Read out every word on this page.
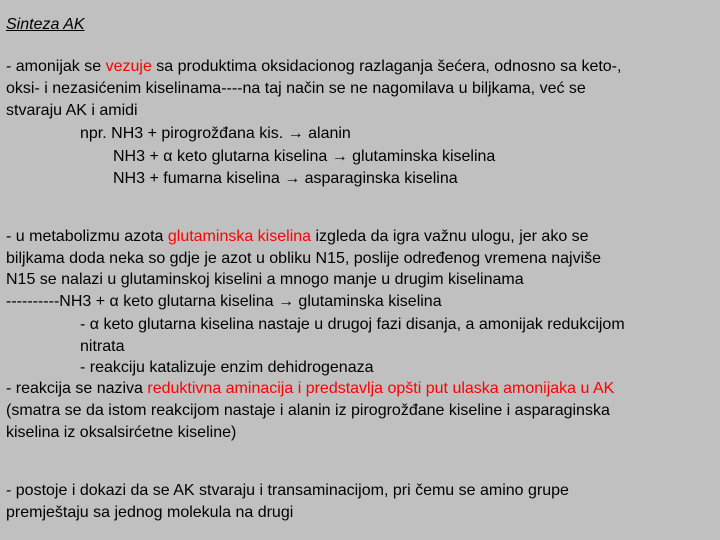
Sinteza AK
- amonijak se vezuje sa produktima oksidacionog razlaganja šećera, odnosno sa keto-,
oksi- i nezasićenim kiselinama----na taj način se ne nagomilava u biljkama, već se
stvaraju AK i amidi
npr. NH3 + pirogrožđana kis. → alanin
NH3 + α keto glutarna kiselina → glutaminska kiselina
NH3 + fumarna kiselina → asparaginska kiselina
- u metabolizmu azota glutaminska kiselina izgleda da igra važnu ulogu, jer ako se
biljkama doda neka so gdje je azot u obliku N15, poslije određenog vremena najviše
N15 se nalazi u glutaminskoj kiselini a mnogo manje u drugim kiselinama
----------NH3 + α keto glutarna kiselina → glutaminska kiselina
- α keto glutarna kiselina nastaje u drugoj fazi disanja, a amonijak redukcijom
nitrata
- reakciju katalizuje enzim dehidrogenaza
- reakcija se naziva reduktivna aminacija i predstavlja opšti put ulaska amonijaka u AK
(smatra se da istom reakcijom nastaje i alanin iz pirogrožđane kiseline i asparaginska
kiselina iz oksalsirćetne kiseline)
- postoje i dokazi da se AK stvaraju i transaminacijom, pri čemu se amino grupe
premještaju sa jednog molekula na drugi
